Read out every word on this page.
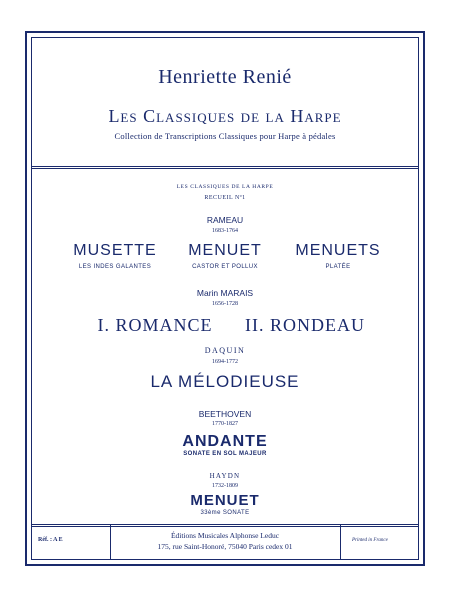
Henriette Renié
Les Classiques de la Harpe
Collection de Transcriptions Classiques pour Harpe à pédales
LES CLASSIQUES DE LA HARPE
RECUEIL Nº1
RAMEAU
1683-1764
MUSETTE	MENUET	MENUETS
LES INDES GALANTES	CASTOR ET POLLUX	PLATÉE
Marin MARAIS
1656-1728
I. ROMANCE	II. RONDEAU
DAQUIN
1694-1772
LA MÉLODIEUSE
BEETHOVEN
1770-1827
ANDANTE
SONATE EN SOL MAJEUR
HAYDN
1732-1809
MENUET
33ème SONATE
Réf. : A E	Éditions Musicales Alphonse Leduc
175, rue Saint-Honoré, 75040 Paris cedex 01
Printed in France
